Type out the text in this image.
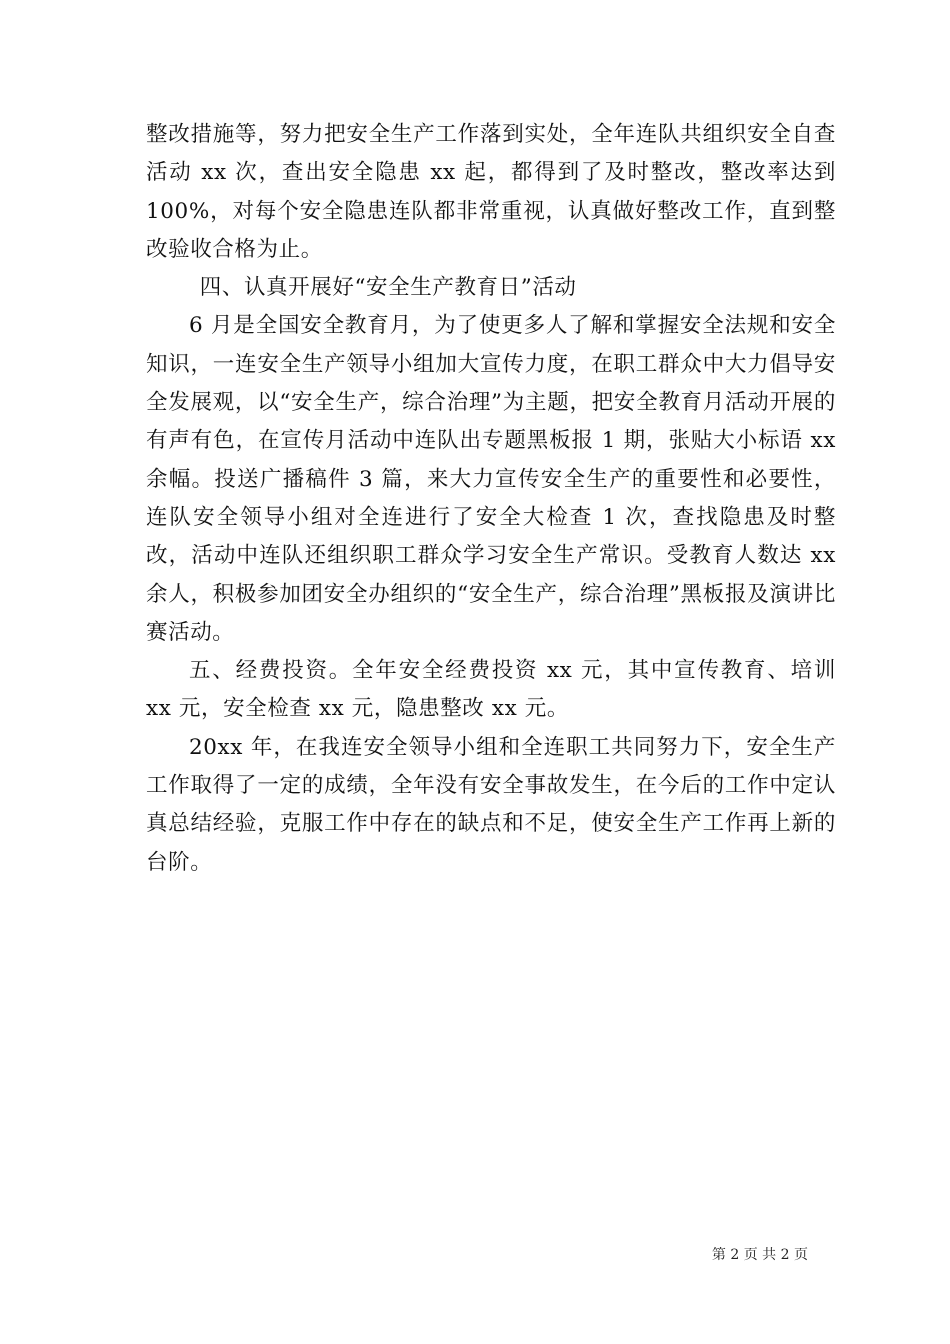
整改措施等，努力把安全生产工作落到实处，全年连队共组织安全自查活动 xx 次，查出安全隐患 xx 起，都得到了及时整改，整改率达到 100%，对每个安全隐患连队都非常重视，认真做好整改工作，直到整改验收合格为止。

四、认真开展好“安全生产教育日”活动

6 月是全国安全教育月，为了使更多人了解和掌握安全法规和安全知识，一连安全生产领导小组加大宣传力度，在职工群众中大力倡导安全发展观，以“安全生产，综合治理”为主题，把安全教育月活动开展的有声有色，在宣传月活动中连队出专题黑板报 1 期，张贴大小标语 xx 余幅。投送广播稿件 3 篇，来大力宣传安全生产的重要性和必要性，连队安全领导小组对全连进行了安全大检查 1 次，查找隐患及时整改，活动中连队还组织职工群众学习安全生产常识。受教育人数达 xx 余人，积极参加团安全办组织的“安全生产，综合治理”黑板报及演讲比赛活动。

五、经费投资。全年安全经费投资 xx 元，其中宣传教育、培训 xx 元，安全检查 xx 元，隐患整改 xx 元。

20xx 年，在我连安全领导小组和全连职工共同努力下，安全生产工作取得了一定的成绩，全年没有安全事故发生，在今后的工作中定认真总结经验，克服工作中存在的缺点和不足，使安全生产工作再上新的台阶。

第 2 页 共 2 页
